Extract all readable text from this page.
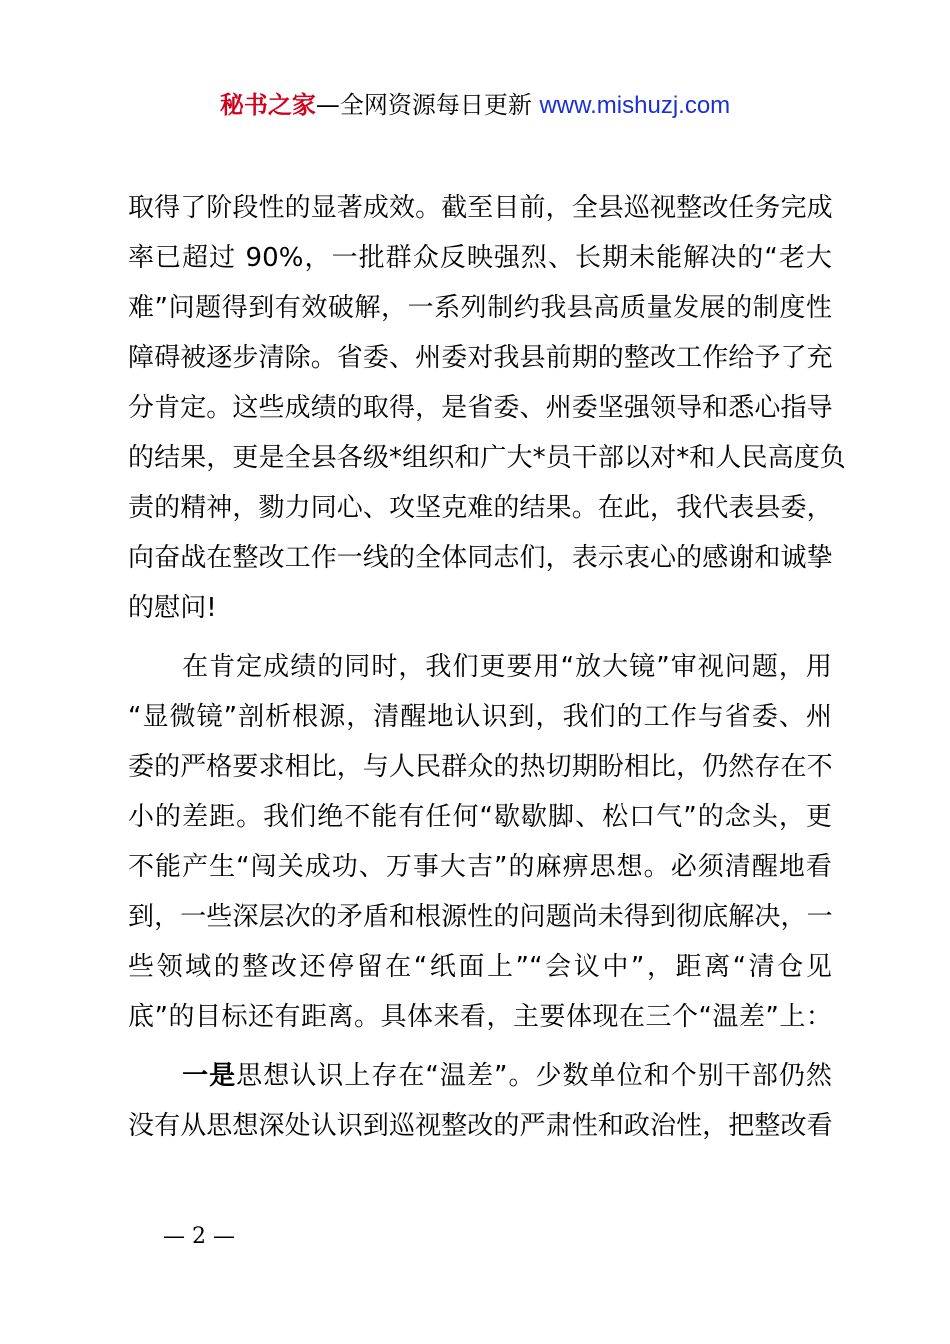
秘书之家—全网资源每日更新 www.mishuzj.com
取得了阶段性的显著成效。截至目前，全县巡视整改任务完成
率已超过 90%，一批群众反映强烈、长期未能解决的“老大
难”问题得到有效破解，一系列制约我县高质量发展的制度性
障碍被逐步清除。省委、州委对我县前期的整改工作给予了充
分肯定。这些成绩的取得，是省委、州委坚强领导和悉心指导
的结果，更是全县各级*组织和广大*员干部以对*和人民高度负
责的精神，勠力同心、攻坚克难的结果。在此，我代表县委，
向奋战在整改工作一线的全体同志们，表示衷心的感谢和诚挚
的慰问!
　　在肯定成绩的同时，我们更要用“放大镜”审视问题，用
“显微镜”剖析根源，清醒地认识到，我们的工作与省委、州
委的严格要求相比，与人民群众的热切期盼相比，仍然存在不
小的差距。我们绝不能有任何“歇歇脚、松口气”的念头，更
不能产生“闯关成功、万事大吉”的麻痹思想。必须清醒地看
到，一些深层次的矛盾和根源性的问题尚未得到彻底解决，一
些领域的整改还停留在“纸面上”“会议中”，距离“清仓见
底”的目标还有距离。具体来看，主要体现在三个“温差”上：
　　一是思想认识上存在“温差”。少数单位和个别干部仍然
没有从思想深处认识到巡视整改的严肃性和政治性，把整改看
— 2 —
